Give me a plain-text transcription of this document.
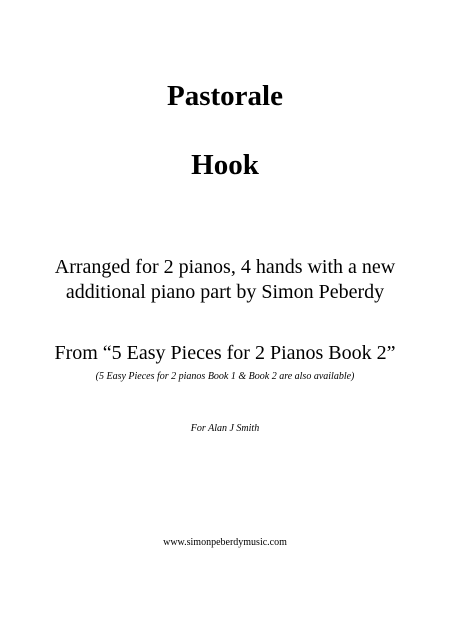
Pastorale
Hook
Arranged for 2 pianos, 4 hands with a new
additional piano part by Simon Peberdy
From “5 Easy Pieces for 2 Pianos Book 2”
(5 Easy Pieces for 2 pianos Book 1 & Book 2 are also available)
For Alan J Smith
www.simonpeberdymusic.com
